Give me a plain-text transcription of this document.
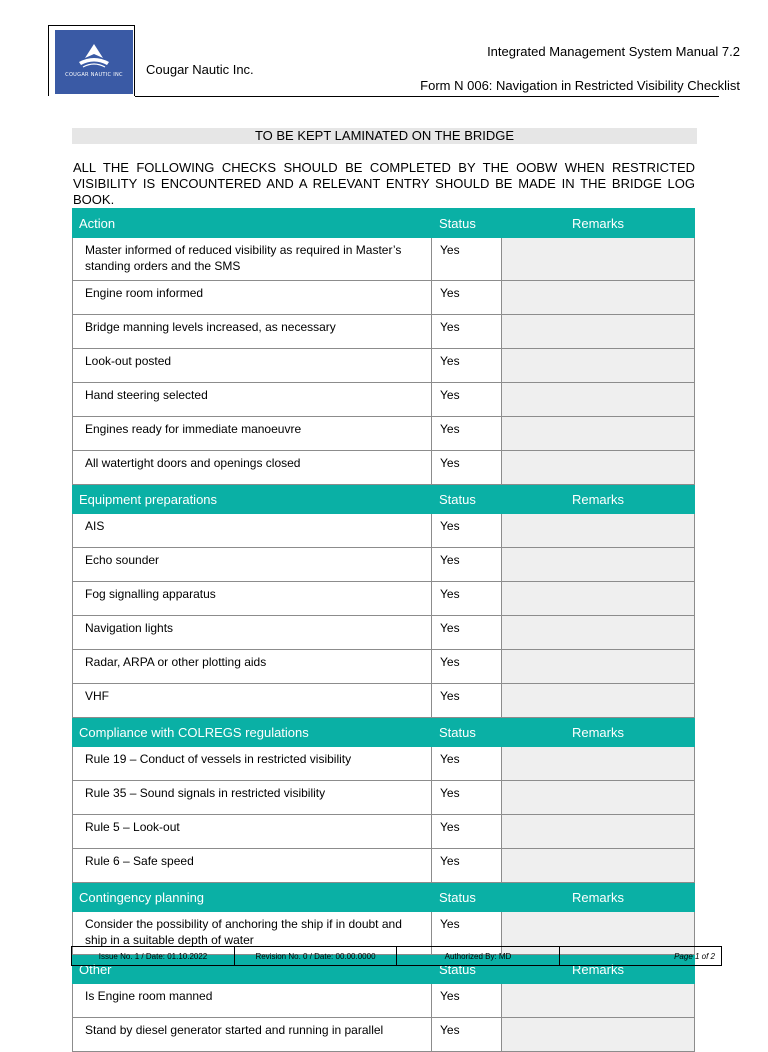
COUGAR NAUTIC INC	Cougar Nautic Inc.
Integrated Management System Manual 7.2
Form N 006: Navigation in Restricted Visibility Checklist
TO BE KEPT LAMINATED ON THE BRIDGE
ALL THE FOLLOWING CHECKS SHOULD BE COMPLETED BY THE OOBW WHEN RESTRICTED VISIBILITY IS ENCOUNTERED AND A RELEVANT ENTRY SHOULD BE MADE IN THE BRIDGE LOG BOOK.
Action	Status	Remarks
Master informed of reduced visibility as required in Master’s standing orders and the SMS	Yes	
Engine room informed	Yes	
Bridge manning levels increased, as necessary	Yes	
Look-out posted	Yes	
Hand steering selected	Yes	
Engines ready for immediate manoeuvre	Yes	
All watertight doors and openings closed	Yes	
Equipment preparations	Status	Remarks
AIS	Yes	
Echo sounder	Yes	
Fog signalling apparatus	Yes	
Navigation lights	Yes	
Radar, ARPA or other plotting aids	Yes	
VHF	Yes	
Compliance with COLREGS regulations	Status	Remarks
Rule 19 – Conduct of vessels in restricted visibility	Yes	
Rule 35 – Sound signals in restricted visibility	Yes	
Rule 5 – Look-out	Yes	
Rule 6 – Safe speed	Yes	
Contingency planning	Status	Remarks
Consider the possibility of anchoring the ship if in doubt and ship in a suitable depth of water	Yes	
Other	Status	Remarks
Is Engine room manned	Yes	
Stand by diesel generator started and running in parallel	Yes	
Issue No. 1 / Date: 01.10.2022	Revision No. 0 / Date: 00.00.0000	Authorized By: MD	Page 1 of 2
